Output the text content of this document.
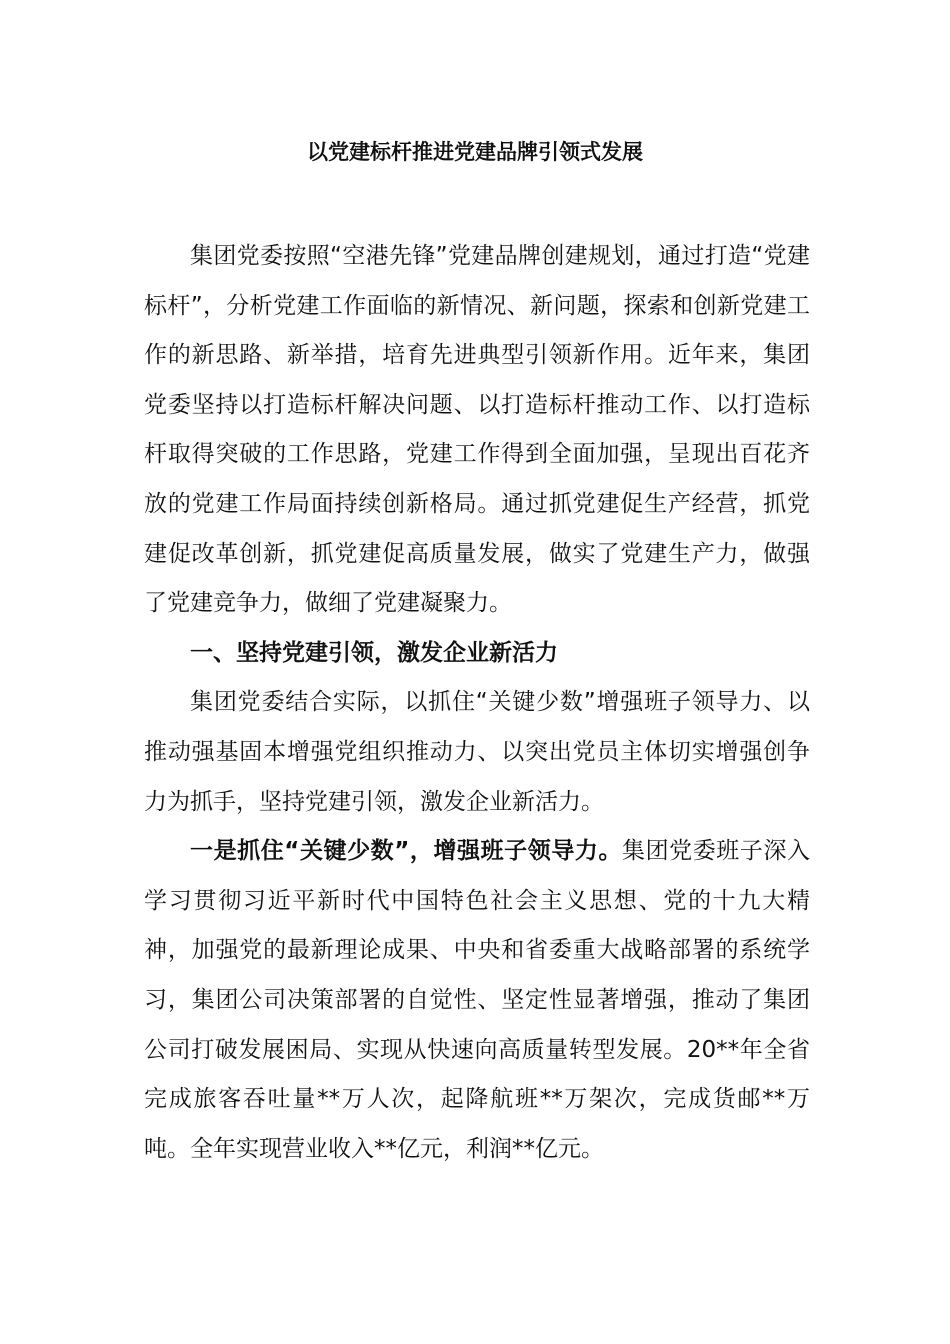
以党建标杆推进党建品牌引领式发展

集团党委按照“空港先锋”党建品牌创建规划，通过打造“党建标杆”，分析党建工作面临的新情况、新问题，探索和创新党建工作的新思路、新举措，培育先进典型引领新作用。近年来，集团党委坚持以打造标杆解决问题、以打造标杆推动工作、以打造标杆取得突破的工作思路，党建工作得到全面加强，呈现出百花齐放的党建工作局面持续创新格局。通过抓党建促生产经营，抓党建促改革创新，抓党建促高质量发展，做实了党建生产力，做强了党建竞争力，做细了党建凝聚力。

一、坚持党建引领，激发企业新活力

集团党委结合实际，以抓住“关键少数”增强班子领导力、以推动强基固本增强党组织推动力、以突出党员主体切实增强创争力为抓手，坚持党建引领，激发企业新活力。

一是抓住“关键少数”，增强班子领导力。集团党委班子深入学习贯彻习近平新时代中国特色社会主义思想、党的十九大精神，加强党的最新理论成果、中央和省委重大战略部署的系统学习，集团公司决策部署的自觉性、坚定性显著增强，推动了集团公司打破发展困局、实现从快速向高质量转型发展。20**年全省完成旅客吞吐量**万人次，起降航班**万架次，完成货邮**万吨。全年实现营业收入**亿元，利润**亿元。
